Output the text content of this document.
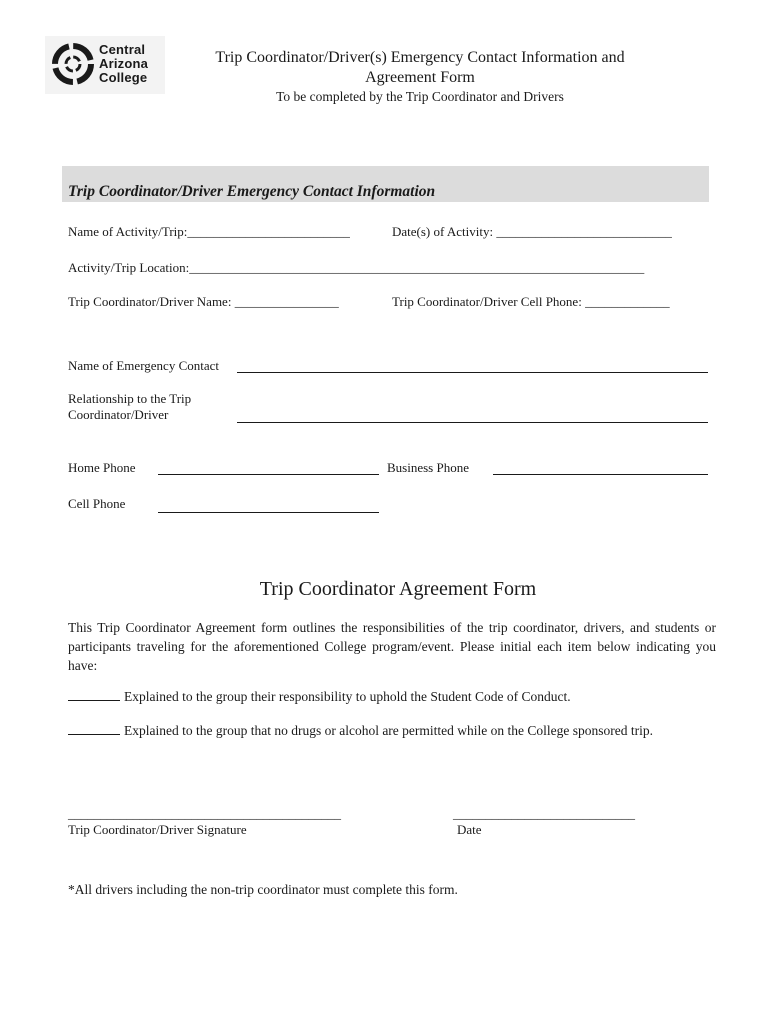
Central
Arizona
College
Trip Coordinator/Driver(s) Emergency Contact Information and Agreement Form
To be completed by the Trip Coordinator and Drivers
Trip Coordinator/Driver Emergency Contact Information
Name of Activity/Trip:_________________________	Date(s) of Activity: ___________________________
Activity/Trip Location:______________________________________________________________________
Trip Coordinator/Driver Name: ________________	Trip Coordinator/Driver Cell Phone: _____________
Name of Emergency Contact
Relationship to the Trip
Coordinator/Driver
Home Phone	Business Phone
Cell Phone
Trip Coordinator Agreement Form
This Trip Coordinator Agreement form outlines the responsibilities of the trip coordinator, drivers, and students or participants traveling for the aforementioned College program/event. Please initial each item below indicating you have:
Explained to the group their responsibility to uphold the Student Code of Conduct.
Explained to the group that no drugs or alcohol are permitted while on the College sponsored trip.
__________________________________________
Trip Coordinator/Driver Signature
____________________________
Date
*All drivers including the non-trip coordinator must complete this form.
